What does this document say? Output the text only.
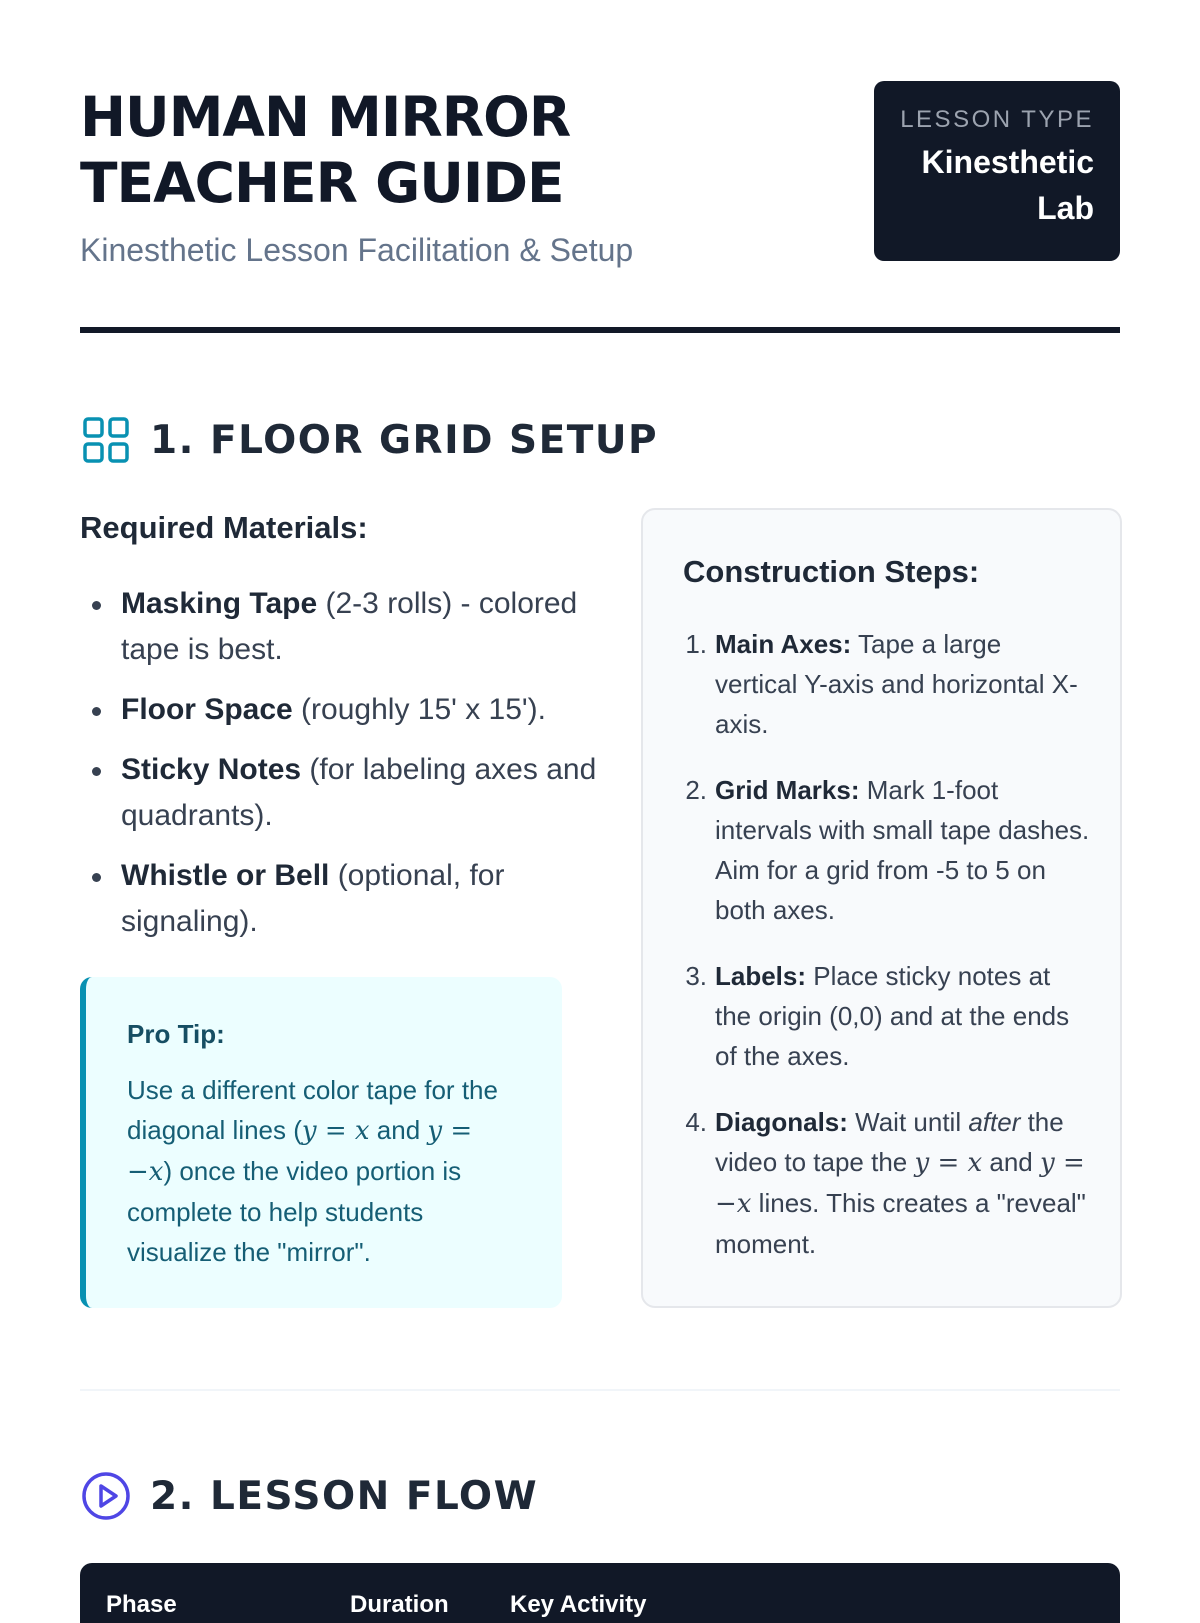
HUMAN MIRROR
TEACHER GUIDE
Kinesthetic Lesson Facilitation & Setup
LESSON TYPE
Kinesthetic
Lab
1. FLOOR GRID SETUP
Required Materials:
Masking Tape (2-3 rolls) - colored tape is best.
Floor Space (roughly 15' x 15').
Sticky Notes (for labeling axes and quadrants).
Whistle or Bell (optional, for signaling).
Pro Tip:
Use a different color tape for the diagonal lines (y = x and y = −x) once the video portion is complete to help students visualize the "mirror".
Construction Steps:
1. Main Axes: Tape a large vertical Y-axis and horizontal X-axis.
2. Grid Marks: Mark 1-foot intervals with small tape dashes. Aim for a grid from -5 to 5 on both axes.
3. Labels: Place sticky notes at the origin (0,0) and at the ends of the axes.
4. Diagonals: Wait until after the video to tape the y = x and y = −x lines. This creates a "reveal" moment.
2. LESSON FLOW
Phase	Duration	Key Activity
